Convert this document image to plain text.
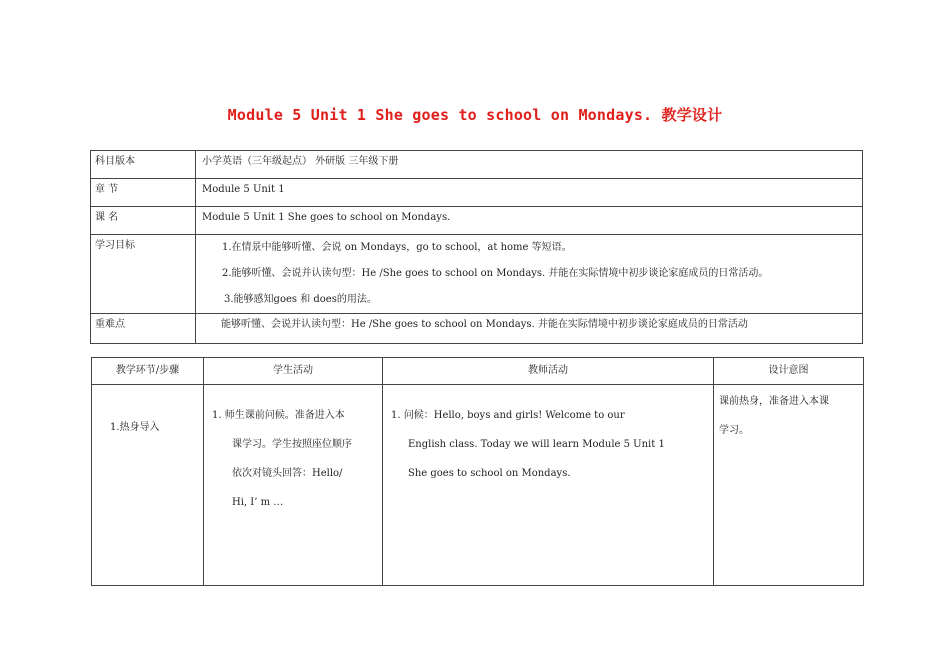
Module 5 Unit 1 She goes to school on Mondays. 教学设计
科目版本	小学英语（三年级起点） 外研版 三年级下册
章 节	Module 5 Unit 1
课 名	Module 5 Unit 1 She goes to school on Mondays.
学习目标	1.在情景中能够听懂、会说 on Mondays，go to school，at home 等短语。
2.能够听懂、会说并认读句型：He /She goes to school on Mondays. 并能在实际情境中初步谈论家庭成员的日常活动。
3.能够感知goes 和 does的用法。

重难点	能够听懂、会说并认读句型：He /She goes to school on Mondays. 并能在实际情境中初步谈论家庭成员的日常活动
教学环节/步骤	学生活动	教师活动	设计意图
1.热身导入	1. 师生课前问候。准备进入本
课学习。学生按照座位顺序
依次对镜头回答：Hello/
Hi, I’ m …	1. 问候：Hello, boys and girls! Welcome to our
English class. Today we will learn Module 5 Unit 1
She goes to school on Mondays.	课前热身，准备进入本课
学习。
